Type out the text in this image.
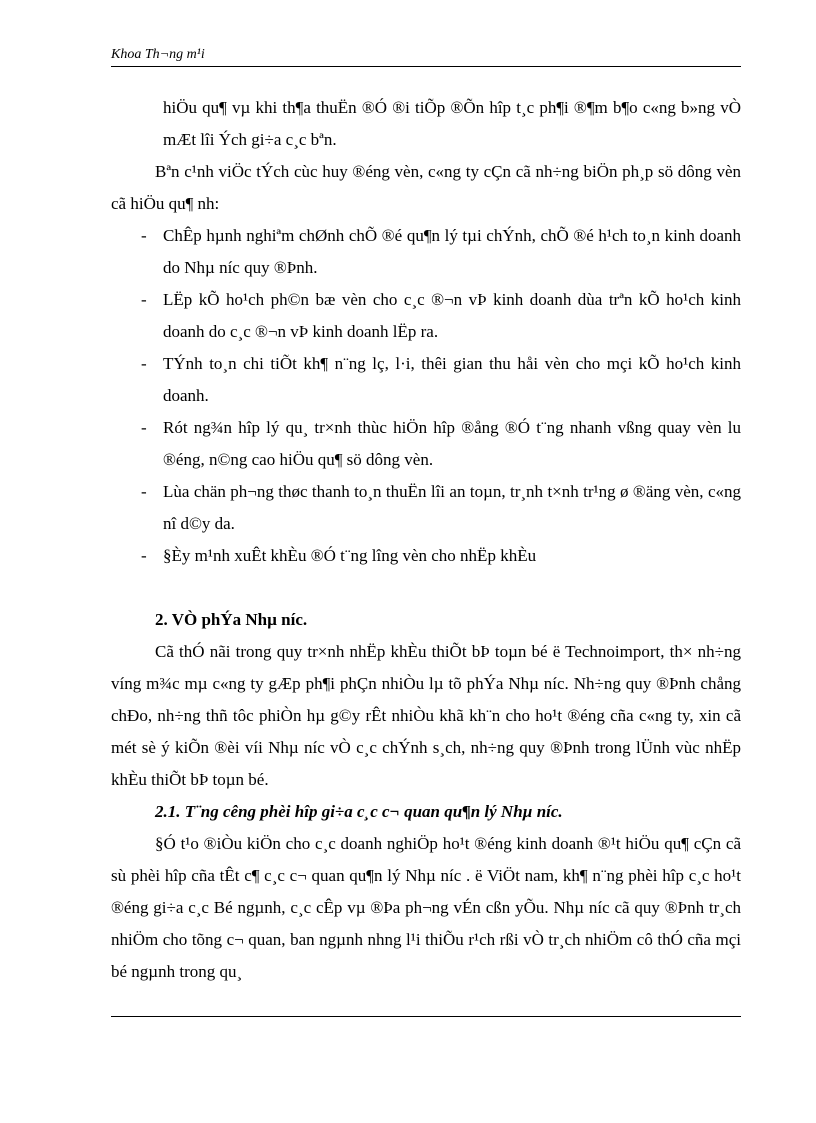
Khoa Th¬ng m¹i

hiÖu qu¶ vµ khi th¶a thuËn ®Ó ®i tiÕp ®Õn hîp t¸c ph¶i ®¶m b¶o c«ng b»ng vÒ mÆt lîi Ých gi÷a c¸c bªn.

Bªn c¹nh viÖc tÝch cùc huy ®éng vèn, c«ng ty cÇn cã nh÷ng biÖn ph¸p sö dông vèn cã hiÖu qu¶ nh:

- ChÊp hµnh nghiªm chØnh chÕ ®é qu¶n lý tµi chÝnh, chÕ ®é h¹ch to¸n kinh doanh do Nhµ níc quy ®Þnh.
- LËp kÕ ho¹ch ph©n bæ vèn cho c¸c ®¬n vÞ kinh doanh dùa trªn kÕ ho¹ch kinh doanh do c¸c ®¬n vÞ kinh doanh lËp ra.
- TÝnh to¸n chi tiÕt kh¶ n¨ng lç, l·i, thêi gian thu håi vèn cho mçi kÕ ho¹ch kinh doanh.
- Rót ng¾n hîp lý qu¸ tr×nh thùc hiÖn hîp ®ång ®Ó t¨ng nhanh vßng quay vèn lu ®éng, n©ng cao hiÖu qu¶ sö dông vèn.
- Lùa chän ph¬ng thøc thanh to¸n thuËn lîi an toµn, tr¸nh t×nh tr¹ng ø ®äng vèn, c«ng nî d©y da.
- §Èy m¹nh xuÊt khÈu ®Ó t¨ng lîng vèn cho nhËp khÈu

2. VÒ phÝa Nhµ níc.

Cã thÓ nãi trong quy tr×nh nhËp khÈu thiÕt bÞ toµn bé ë Technoimport, th× nh÷ng víng m¾c mµ c«ng ty gÆp ph¶i phÇn nhiÒu lµ tõ phÝa Nhµ níc. Nh÷ng quy ®Þnh chång chÐo, nh÷ng thñ tôc phiÒn hµ g©y rÊt nhiÒu khã kh¨n cho ho¹t ®éng cña c«ng ty, xin cã mét sè ý kiÕn ®èi víi Nhµ níc vÒ c¸c chÝnh s¸ch, nh÷ng quy ®Þnh trong lÜnh vùc nhËp khÈu thiÕt bÞ toµn bé.

2.1. T¨ng cêng phèi hîp gi÷a c¸c c¬ quan qu¶n lý Nhµ níc.

§Ó t¹o ®iÒu kiÖn cho c¸c doanh nghiÖp ho¹t ®éng kinh doanh ®¹t hiÖu qu¶ cÇn cã sù phèi hîp cña tÊt c¶ c¸c c¬ quan qu¶n lý Nhµ níc . ë ViÖt nam, kh¶ n¨ng phèi hîp c¸c ho¹t ®éng gi÷a c¸c Bé ngµnh, c¸c cÊp vµ ®Þa ph¬ng vÉn cßn yÕu. Nhµ níc cã quy ®Þnh tr¸ch nhiÖm cho tõng c¬ quan, ban ngµnh nhng l¹i thiÕu r¹ch rßi vÒ tr¸ch nhiÖm cô thÓ cña mçi bé ngµnh trong qu¸
